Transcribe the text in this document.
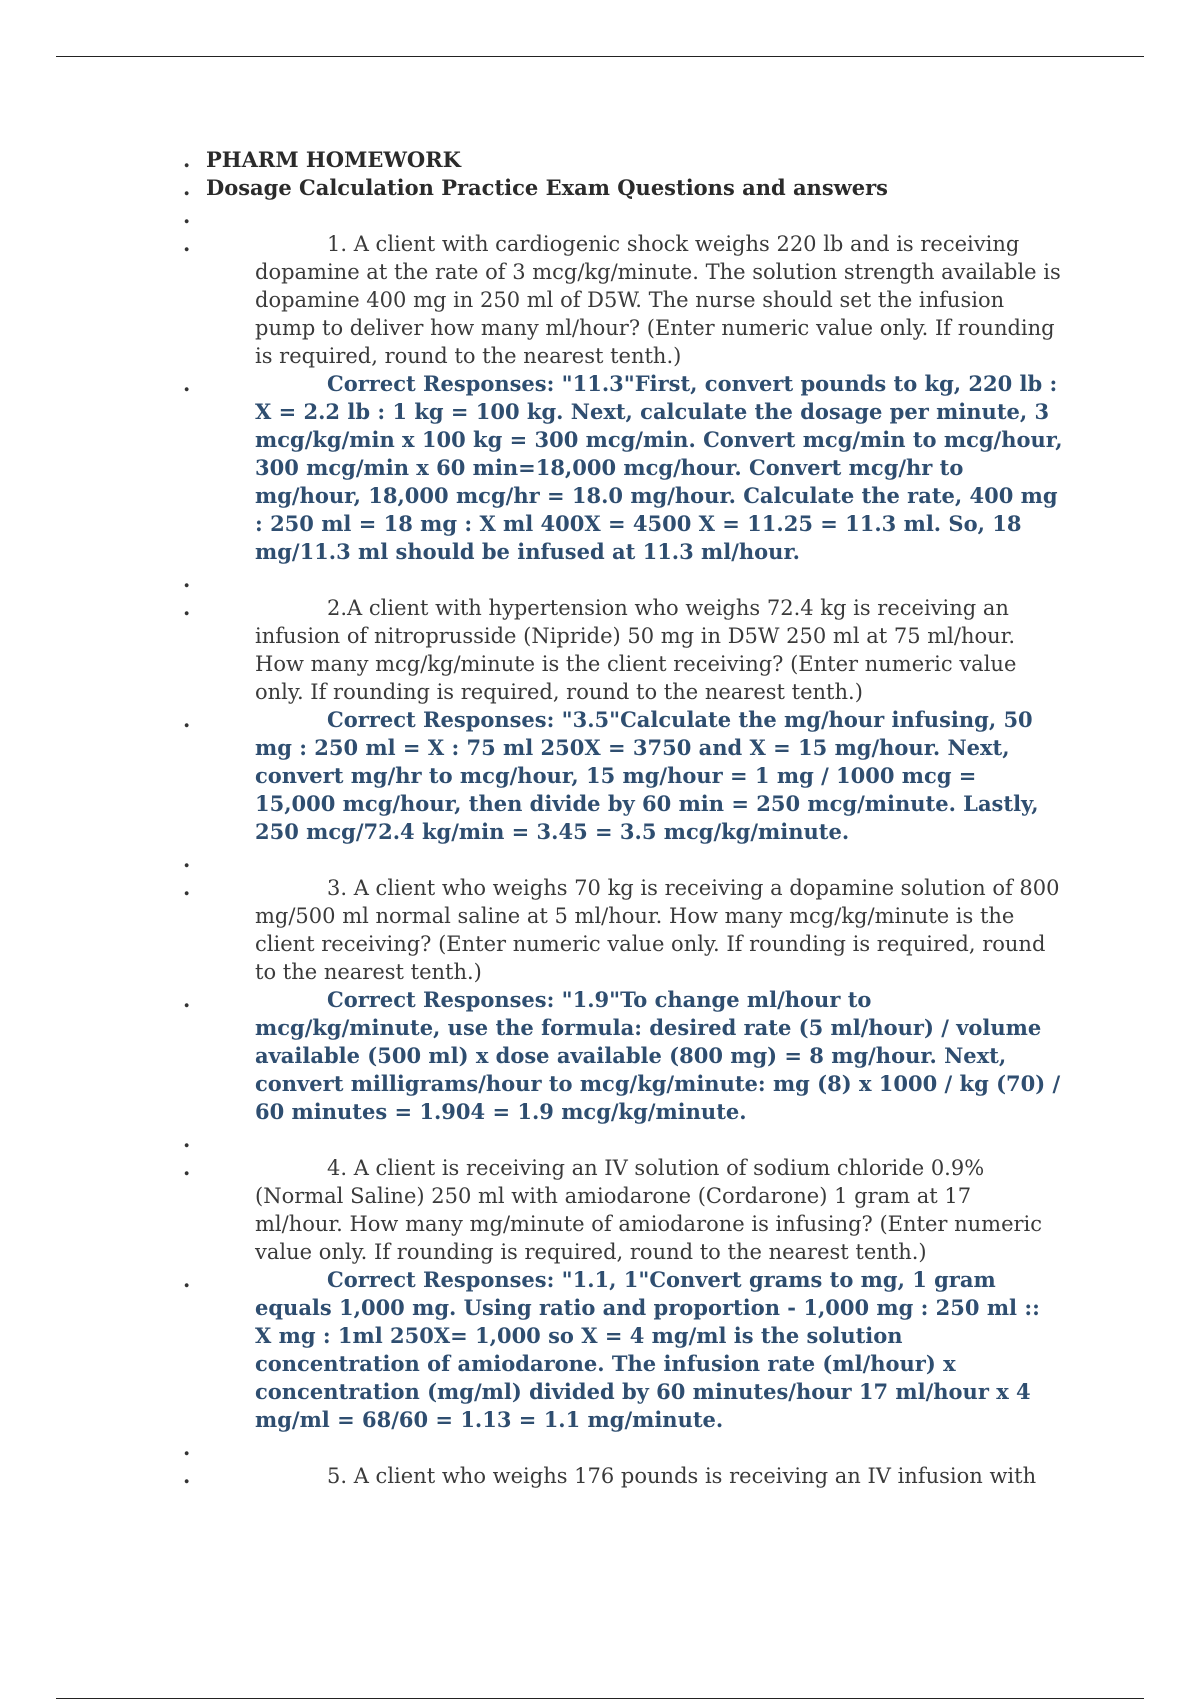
. PHARM HOMEWORK
. Dosage Calculation Practice Exam Questions and answers
.
.	1. A client with cardiogenic shock weighs 220 lb and is receiving dopamine at the rate of 3 mcg/kg/minute. The solution strength available is dopamine 400 mg in 250 ml of D5W. The nurse should set the infusion pump to deliver how many ml/hour? (Enter numeric value only. If rounding is required, round to the nearest tenth.)
.	Correct Responses: "11.3"First, convert pounds to kg, 220 lb : X = 2.2 lb : 1 kg = 100 kg. Next, calculate the dosage per minute, 3 mcg/kg/min x 100 kg = 300 mcg/min. Convert mcg/min to mcg/hour, 300 mcg/min x 60 min=18,000 mcg/hour. Convert mcg/hr to mg/hour, 18,000 mcg/hr = 18.0 mg/hour. Calculate the rate, 400 mg : 250 ml = 18 mg : X ml 400X = 4500 X = 11.25 = 11.3 ml. So, 18 mg/11.3 ml should be infused at 11.3 ml/hour.
.
.	2.A client with hypertension who weighs 72.4 kg is receiving an infusion of nitroprusside (Nipride) 50 mg in D5W 250 ml at 75 ml/hour. How many mcg/kg/minute is the client receiving? (Enter numeric value only. If rounding is required, round to the nearest tenth.)
.	Correct Responses: "3.5"Calculate the mg/hour infusing, 50 mg : 250 ml = X : 75 ml 250X = 3750 and X = 15 mg/hour. Next, convert mg/hr to mcg/hour, 15 mg/hour = 1 mg / 1000 mcg = 15,000 mcg/hour, then divide by 60 min = 250 mcg/minute. Lastly, 250 mcg/72.4 kg/min = 3.45 = 3.5 mcg/kg/minute.
.
.	3. A client who weighs 70 kg is receiving a dopamine solution of 800 mg/500 ml normal saline at 5 ml/hour. How many mcg/kg/minute is the client receiving? (Enter numeric value only. If rounding is required, round to the nearest tenth.)
.	Correct Responses: "1.9"To change ml/hour to mcg/kg/minute, use the formula: desired rate (5 ml/hour) / volume available (500 ml) x dose available (800 mg) = 8 mg/hour. Next, convert milligrams/hour to mcg/kg/minute: mg (8) x 1000 / kg (70) / 60 minutes = 1.904 = 1.9 mcg/kg/minute.
.
.	4. A client is receiving an IV solution of sodium chloride 0.9% (Normal Saline) 250 ml with amiodarone (Cordarone) 1 gram at 17 ml/hour. How many mg/minute of amiodarone is infusing? (Enter numeric value only. If rounding is required, round to the nearest tenth.)
.	Correct Responses: "1.1, 1"Convert grams to mg, 1 gram equals 1,000 mg. Using ratio and proportion - 1,000 mg : 250 ml :: X mg : 1ml 250X= 1,000 so X = 4 mg/ml is the solution concentration of amiodarone. The infusion rate (ml/hour) x concentration (mg/ml) divided by 60 minutes/hour 17 ml/hour x 4 mg/ml = 68/60 = 1.13 = 1.1 mg/minute.
.
.	5. A client who weighs 176 pounds is receiving an IV infusion with
